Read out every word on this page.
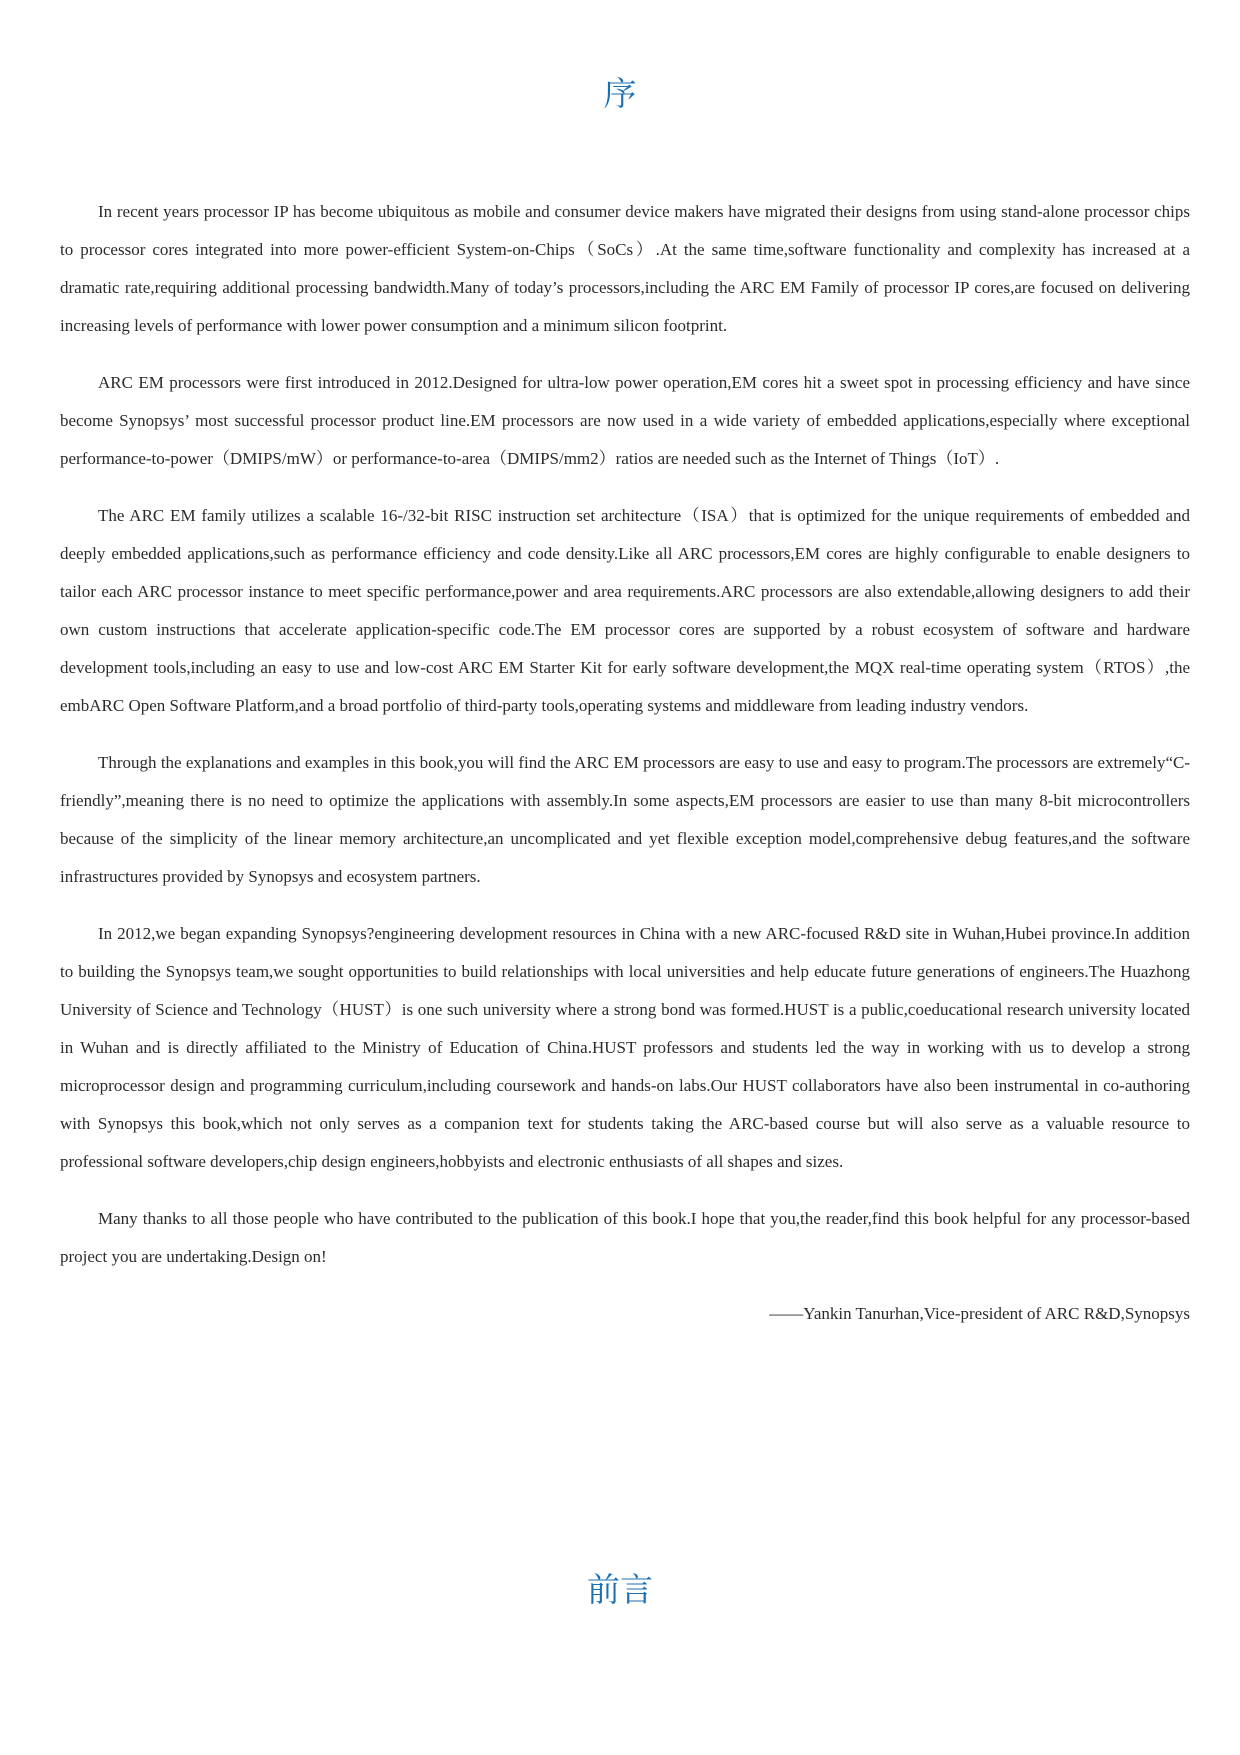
序

In recent years processor IP has become ubiquitous as mobile and consumer device makers have migrated their designs from using stand-alone processor chips to processor cores integrated into more power-efficient System-on-Chips（SoCs）.At the same time,software functionality and complexity has increased at a dramatic rate,requiring additional processing bandwidth.Many of today’s processors,including the ARC EM Family of processor IP cores,are focused on delivering increasing levels of performance with lower power consumption and a minimum silicon footprint.

ARC EM processors were first introduced in 2012.Designed for ultra-low power operation,EM cores hit a sweet spot in processing efficiency and have since become Synopsys’ most successful processor product line.EM processors are now used in a wide variety of embedded applications,especially where exceptional performance-to-power（DMIPS/mW）or performance-to-area（DMIPS/mm2）ratios are needed such as the Internet of Things（IoT）.

The ARC EM family utilizes a scalable 16-/32-bit RISC instruction set architecture（ISA）that is optimized for the unique requirements of embedded and deeply embedded applications,such as performance efficiency and code density.Like all ARC processors,EM cores are highly configurable to enable designers to tailor each ARC processor instance to meet specific performance,power and area requirements.ARC processors are also extendable,allowing designers to add their own custom instructions that accelerate application-specific code.The EM processor cores are supported by a robust ecosystem of software and hardware development tools,including an easy to use and low-cost ARC EM Starter Kit for early software development,the MQX real-time operating system（RTOS）,the embARC Open Software Platform,and a broad portfolio of third-party tools,operating systems and middleware from leading industry vendors.

Through the explanations and examples in this book,you will find the ARC EM processors are easy to use and easy to program.The processors are extremely“C-friendly”,meaning there is no need to optimize the applications with assembly.In some aspects,EM processors are easier to use than many 8-bit microcontrollers because of the simplicity of the linear memory architecture,an uncomplicated and yet flexible exception model,comprehensive debug features,and the software infrastructures provided by Synopsys and ecosystem partners.

In 2012,we began expanding Synopsys?engineering development resources in China with a new ARC-focused R&D site in Wuhan,Hubei province.In addition to building the Synopsys team,we sought opportunities to build relationships with local universities and help educate future generations of engineers.The Huazhong University of Science and Technology（HUST）is one such university where a strong bond was formed.HUST is a public,coeducational research university located in Wuhan and is directly affiliated to the Ministry of Education of China.HUST professors and students led the way in working with us to develop a strong microprocessor design and programming curriculum,including coursework and hands-on labs.Our HUST collaborators have also been instrumental in co-authoring with Synopsys this book,which not only serves as a companion text for students taking the ARC-based course but will also serve as a valuable resource to professional software developers,chip design engineers,hobbyists and electronic enthusiasts of all shapes and sizes.

Many thanks to all those people who have contributed to the publication of this book.I hope that you,the reader,find this book helpful for any processor-based project you are undertaking.Design on!

——Yankin Tanurhan,Vice-president of ARC R&D,Synopsys

前言
